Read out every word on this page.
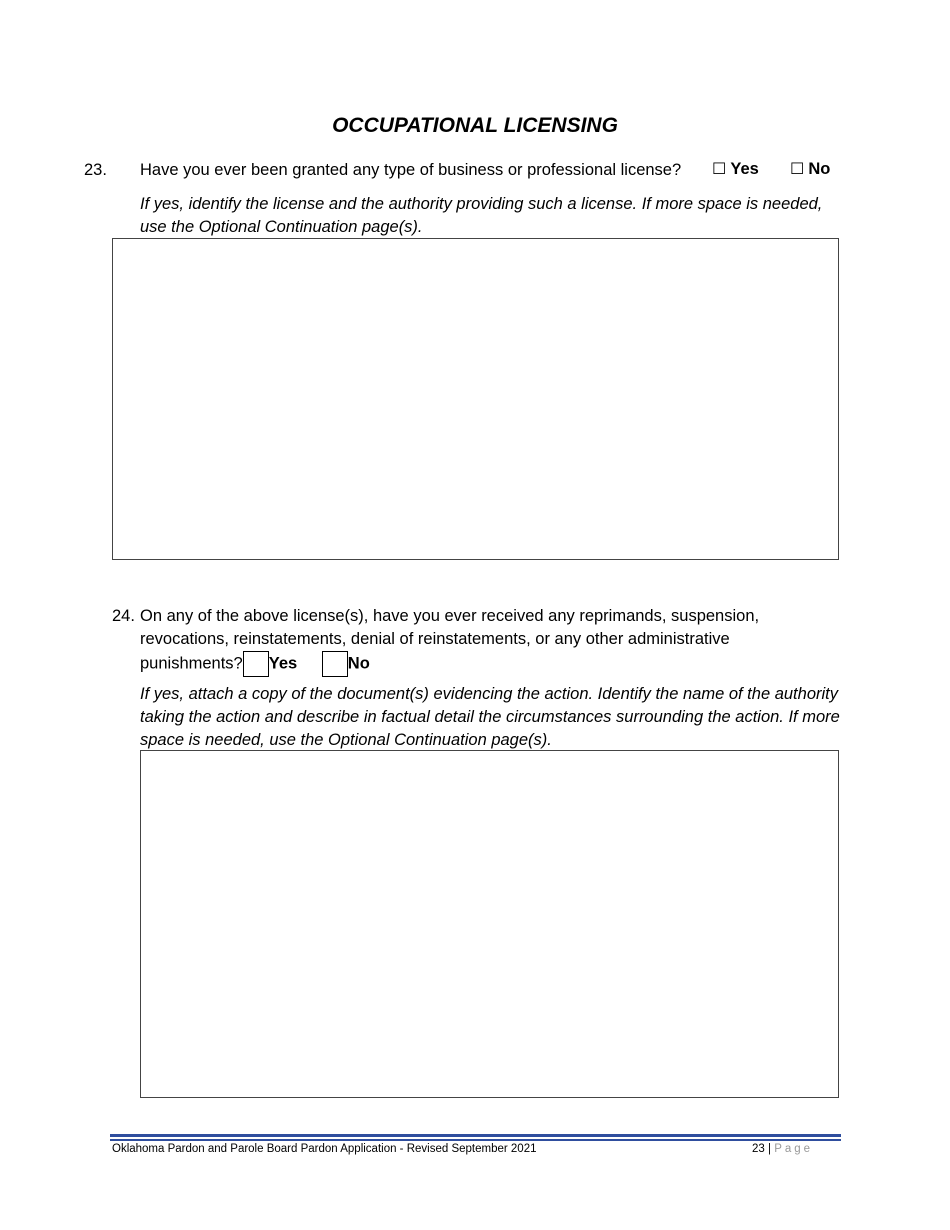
OCCUPATIONAL LICENSING
23. Have you ever been granted any type of business or professional license? ☐ Yes ☐ No
If yes, identify the license and the authority providing such a license. If more space is needed, use the Optional Continuation page(s).
24. On any of the above license(s), have you ever received any reprimands, suspension, revocations, reinstatements, denial of reinstatements, or any other administrative punishments? Yes	No
If yes, attach a copy of the document(s) evidencing the action. Identify the name of the authority taking the action and describe in factual detail the circumstances surrounding the action. If more space is needed, use the Optional Continuation page(s).
Oklahoma Pardon and Parole Board Pardon Application - Revised September 2021	23 | Page
